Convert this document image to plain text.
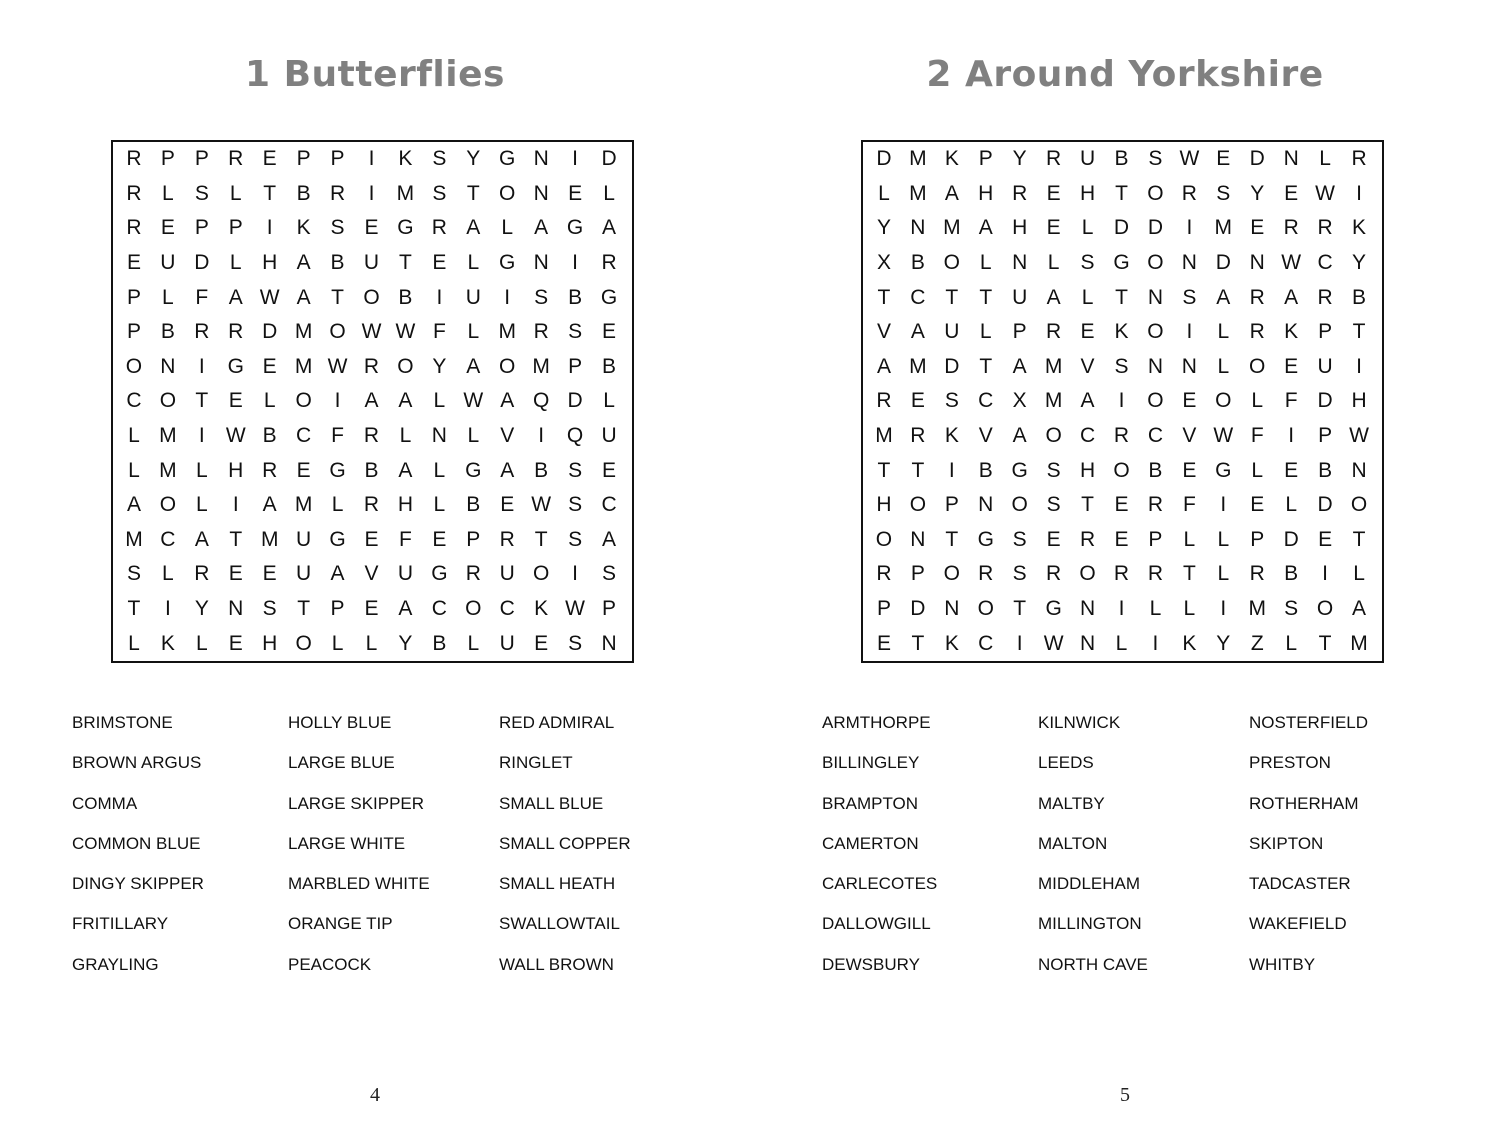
1 Butterflies
R P P R E P P	I	K S Y G N	I	D
R L	S	L	T B R	I	M S T O N E	L
R E P P	I	K S E G R A	L	A G A
E U D L H A B U T E	L G N	I	R
P	L	F A W A T O B	I	U	I	S B G
P B R R D M O W W F	L M R S E
O N	I	G E M W R O Y A O M P B
C O T E	L O	I	A A	L W A Q D L
L M	I	W B C F R L N L	V	I	Q U
L M L H R E G B A	L G A B S E
A O L	I	A M L R H L	B E W S C
M C A T M U G E F E P R T S A
S	L R E E U A V U G R U O	I	S
T	I	Y N S T P E A C O C K W P
L	K	L	E H O L	L	Y B	L U E S N
BRIMSTONE	HOLLY BLUE	RED ADMIRAL
BROWN ARGUS	LARGE BLUE	RINGLET
COMMA	LARGE SKIPPER	SMALL BLUE
COMMON BLUE	LARGE WHITE	SMALL COPPER
DINGY SKIPPER	MARBLED WHITE	SMALL HEATH
FRITILLARY	ORANGE TIP	SWALLOWTAIL
GRAYLING	PEACOCK	WALL BROWN
4
2 Around Yorkshire
D M K P Y R U B S W E D N L R
L M A H R E H T O R S Y E W	I
Y N M A H E	L D D	I	M E R R K
X B O L N L	S G O N D N W C Y
T C T	T U A	L	T N S A R A R B
V A U L	P R E K O	I	L R K P T
A M D T A M V S N N L O E U	I
R E S C X M A	I	O E O L	F D H
M R K V A O C R C V W F	I	P W
T	T	I	B G S H O B E G L	E B N
H O P N O S T E R F	I	E	L D O
O N T G S E R E P	L	L	P D E T
R P O R S R O R R T	L R B	I	L
P D N O T G N	I	L	L	I	M S O A
E T K C	I	W N L	I	K Y Z	L	T M
ARMTHORPE	KILNWICK	NOSTERFIELD
BILLINGLEY	LEEDS	PRESTON
BRAMPTON	MALTBY	ROTHERHAM
CAMERTON	MALTON	SKIPTON
CARLECOTES	MIDDLEHAM	TADCASTER
DALLOWGILL	MILLINGTON	WAKEFIELD
DEWSBURY	NORTH CAVE	WHITBY
5
